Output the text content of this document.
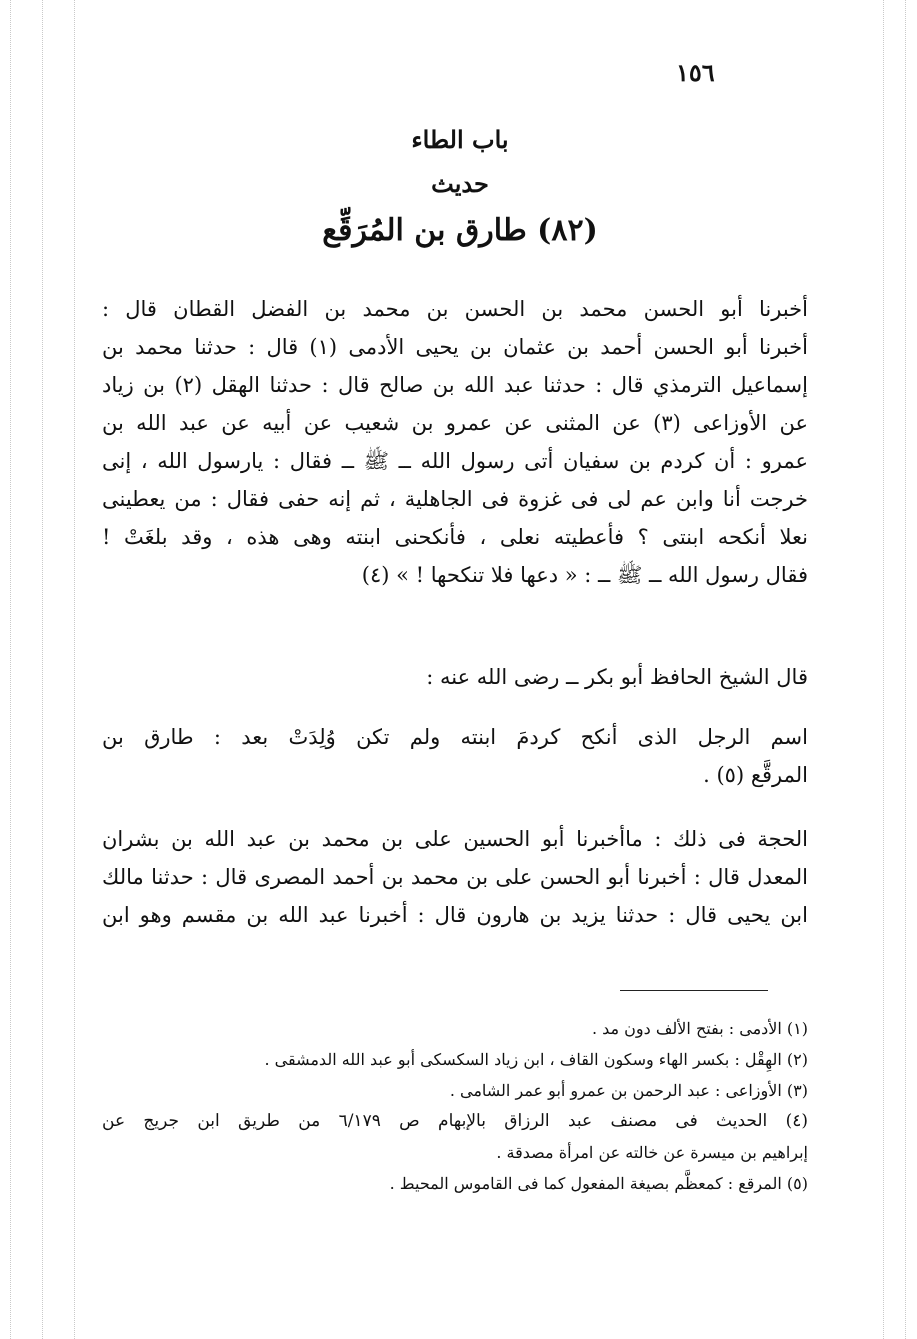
١٥٦
باب الطاء
حديث
(٨٢) طارق بن المُرَقِّع
أخبرنا أبو الحسن محمد بن الحسن بن محمد بن الفضل القطان قال :
أخبرنا أبو الحسن أحمد بن عثمان بن يحيى الأدمى (١) قال : حدثنا محمد بن
إسماعيل الترمذي قال : حدثنا عبد الله بن صالح قال : حدثنا الهقل (٢) بن زياد
عن الأوزاعى (٣) عن المثنى عن عمرو بن شعيب عن أبيه عن عبد الله بن
عمرو : أن كردم بن سفيان أتى رسول الله ــ ﷺ ــ فقال : يارسول الله ، إنى
خرجت أنا وابن عم لى فى غزوة فى الجاهلية ، ثم إنه حفى فقال : من يعطينى
نعلا أنكحه ابنتى ؟ فأعطيته نعلى ، فأنكحنى ابنته وهى هذه ، وقد بلغَتْ !
فقال رسول الله ــ ﷺ ــ : « دعها فلا تنكحها ! » (٤)
قال الشيخ الحافظ أبو بكر ــ رضى الله عنه :
اسم الرجل الذى أنكح كردمَ ابنته ولم تكن وُلِدَتْ بعد : طارق بن
المرقَّع (٥) .
الحجة فى ذلك : ماأخبرنا أبو الحسين على بن محمد بن عبد الله بن بشران
المعدل قال : أخبرنا أبو الحسن على بن محمد بن أحمد المصرى قال : حدثنا مالك
ابن يحيى قال : حدثنا يزيد بن هارون قال : أخبرنا عبد الله بن مقسم وهو ابن
(١) الأدمى : بفتح الألف دون مد .
(٢) الهِقْل : بكسر الهاء وسكون القاف ، ابن زياد السكسكى أبو عبد الله الدمشقى .
(٣) الأوزاعى : عبد الرحمن بن عمرو أبو عمر الشامى .
(٤) الحديث فى مصنف عبد الرزاق بالإبهام ص ٦/١٧٩ من طريق ابن جريج عن
إبراهيم بن ميسرة عن خالته عن امرأة مصدقة .
(٥) المرقع : كمعظَّم بصيغة المفعول كما فى القاموس المحيط .
